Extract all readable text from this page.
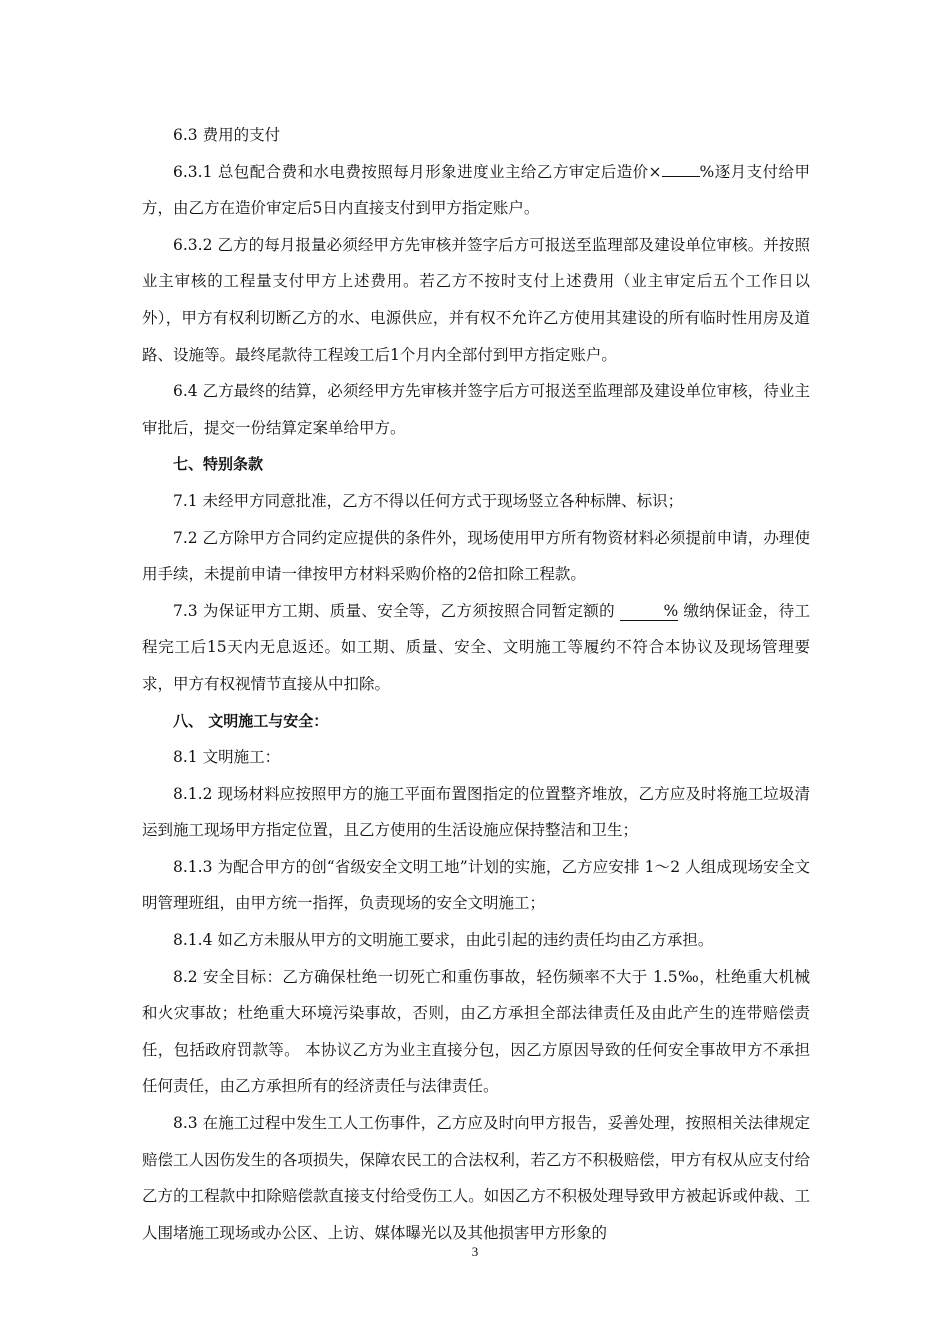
6.3 费用的支付

6.3.1 总包配合费和水电费按照每月形象进度业主给乙方审定后造价× %逐月支付给甲方，由乙方在造价审定后5日内直接支付到甲方指定账户。

6.3.2 乙方的每月报量必须经甲方先审核并签字后方可报送至监理部及建设单位审核。并按照业主审核的工程量支付甲方上述费用。若乙方不按时支付上述费用（业主审定后五个工作日以外），甲方有权利切断乙方的水、电源供应，并有权不允许乙方使用其建设的所有临时性用房及道路、设施等。最终尾款待工程竣工后1个月内全部付到甲方指定账户。

6.4 乙方最终的结算，必须经甲方先审核并签字后方可报送至监理部及建设单位审核，待业主审批后，提交一份结算定案单给甲方。

七、特别条款

7.1 未经甲方同意批准，乙方不得以任何方式于现场竖立各种标牌、标识；

7.2 乙方除甲方合同约定应提供的条件外，现场使用甲方所有物资材料必须提前申请，办理使用手续，未提前申请一律按甲方材料采购价格的2倍扣除工程款。

7.3 为保证甲方工期、质量、安全等，乙方须按照合同暂定额的	% 缴纳保证金，待工程完工后15天内无息返还。如工期、质量、安全、文明施工等履约不符合本协议及现场管理要求，甲方有权视情节直接从中扣除。

八、 文明施工与安全：

8.1 文明施工：

8.1.2 现场材料应按照甲方的施工平面布置图指定的位置整齐堆放，乙方应及时将施工垃圾清运到施工现场甲方指定位置，且乙方使用的生活设施应保持整洁和卫生；

8.1.3 为配合甲方的创“省级安全文明工地”计划的实施，乙方应安排 1～2 人组成现场安全文明管理班组，由甲方统一指挥，负责现场的安全文明施工；

8.1.4 如乙方未服从甲方的文明施工要求，由此引起的违约责任均由乙方承担。

8.2 安全目标：乙方确保杜绝一切死亡和重伤事故，轻伤频率不大于 1.5‰，杜绝重大机械和火灾事故；杜绝重大环境污染事故，否则，由乙方承担全部法律责任及由此产生的连带赔偿责任，包括政府罚款等。 本协议乙方为业主直接分包，因乙方原因导致的任何安全事故甲方不承担任何责任，由乙方承担所有的经济责任与法律责任。

8.3 在施工过程中发生工人工伤事件，乙方应及时向甲方报告，妥善处理，按照相关法律规定赔偿工人因伤发生的各项损失，保障农民工的合法权利，若乙方不积极赔偿，甲方有权从应支付给乙方的工程款中扣除赔偿款直接支付给受伤工人。如因乙方不积极处理导致甲方被起诉或仲裁、工人围堵施工现场或办公区、上访、媒体曝光以及其他损害甲方形象的

3
